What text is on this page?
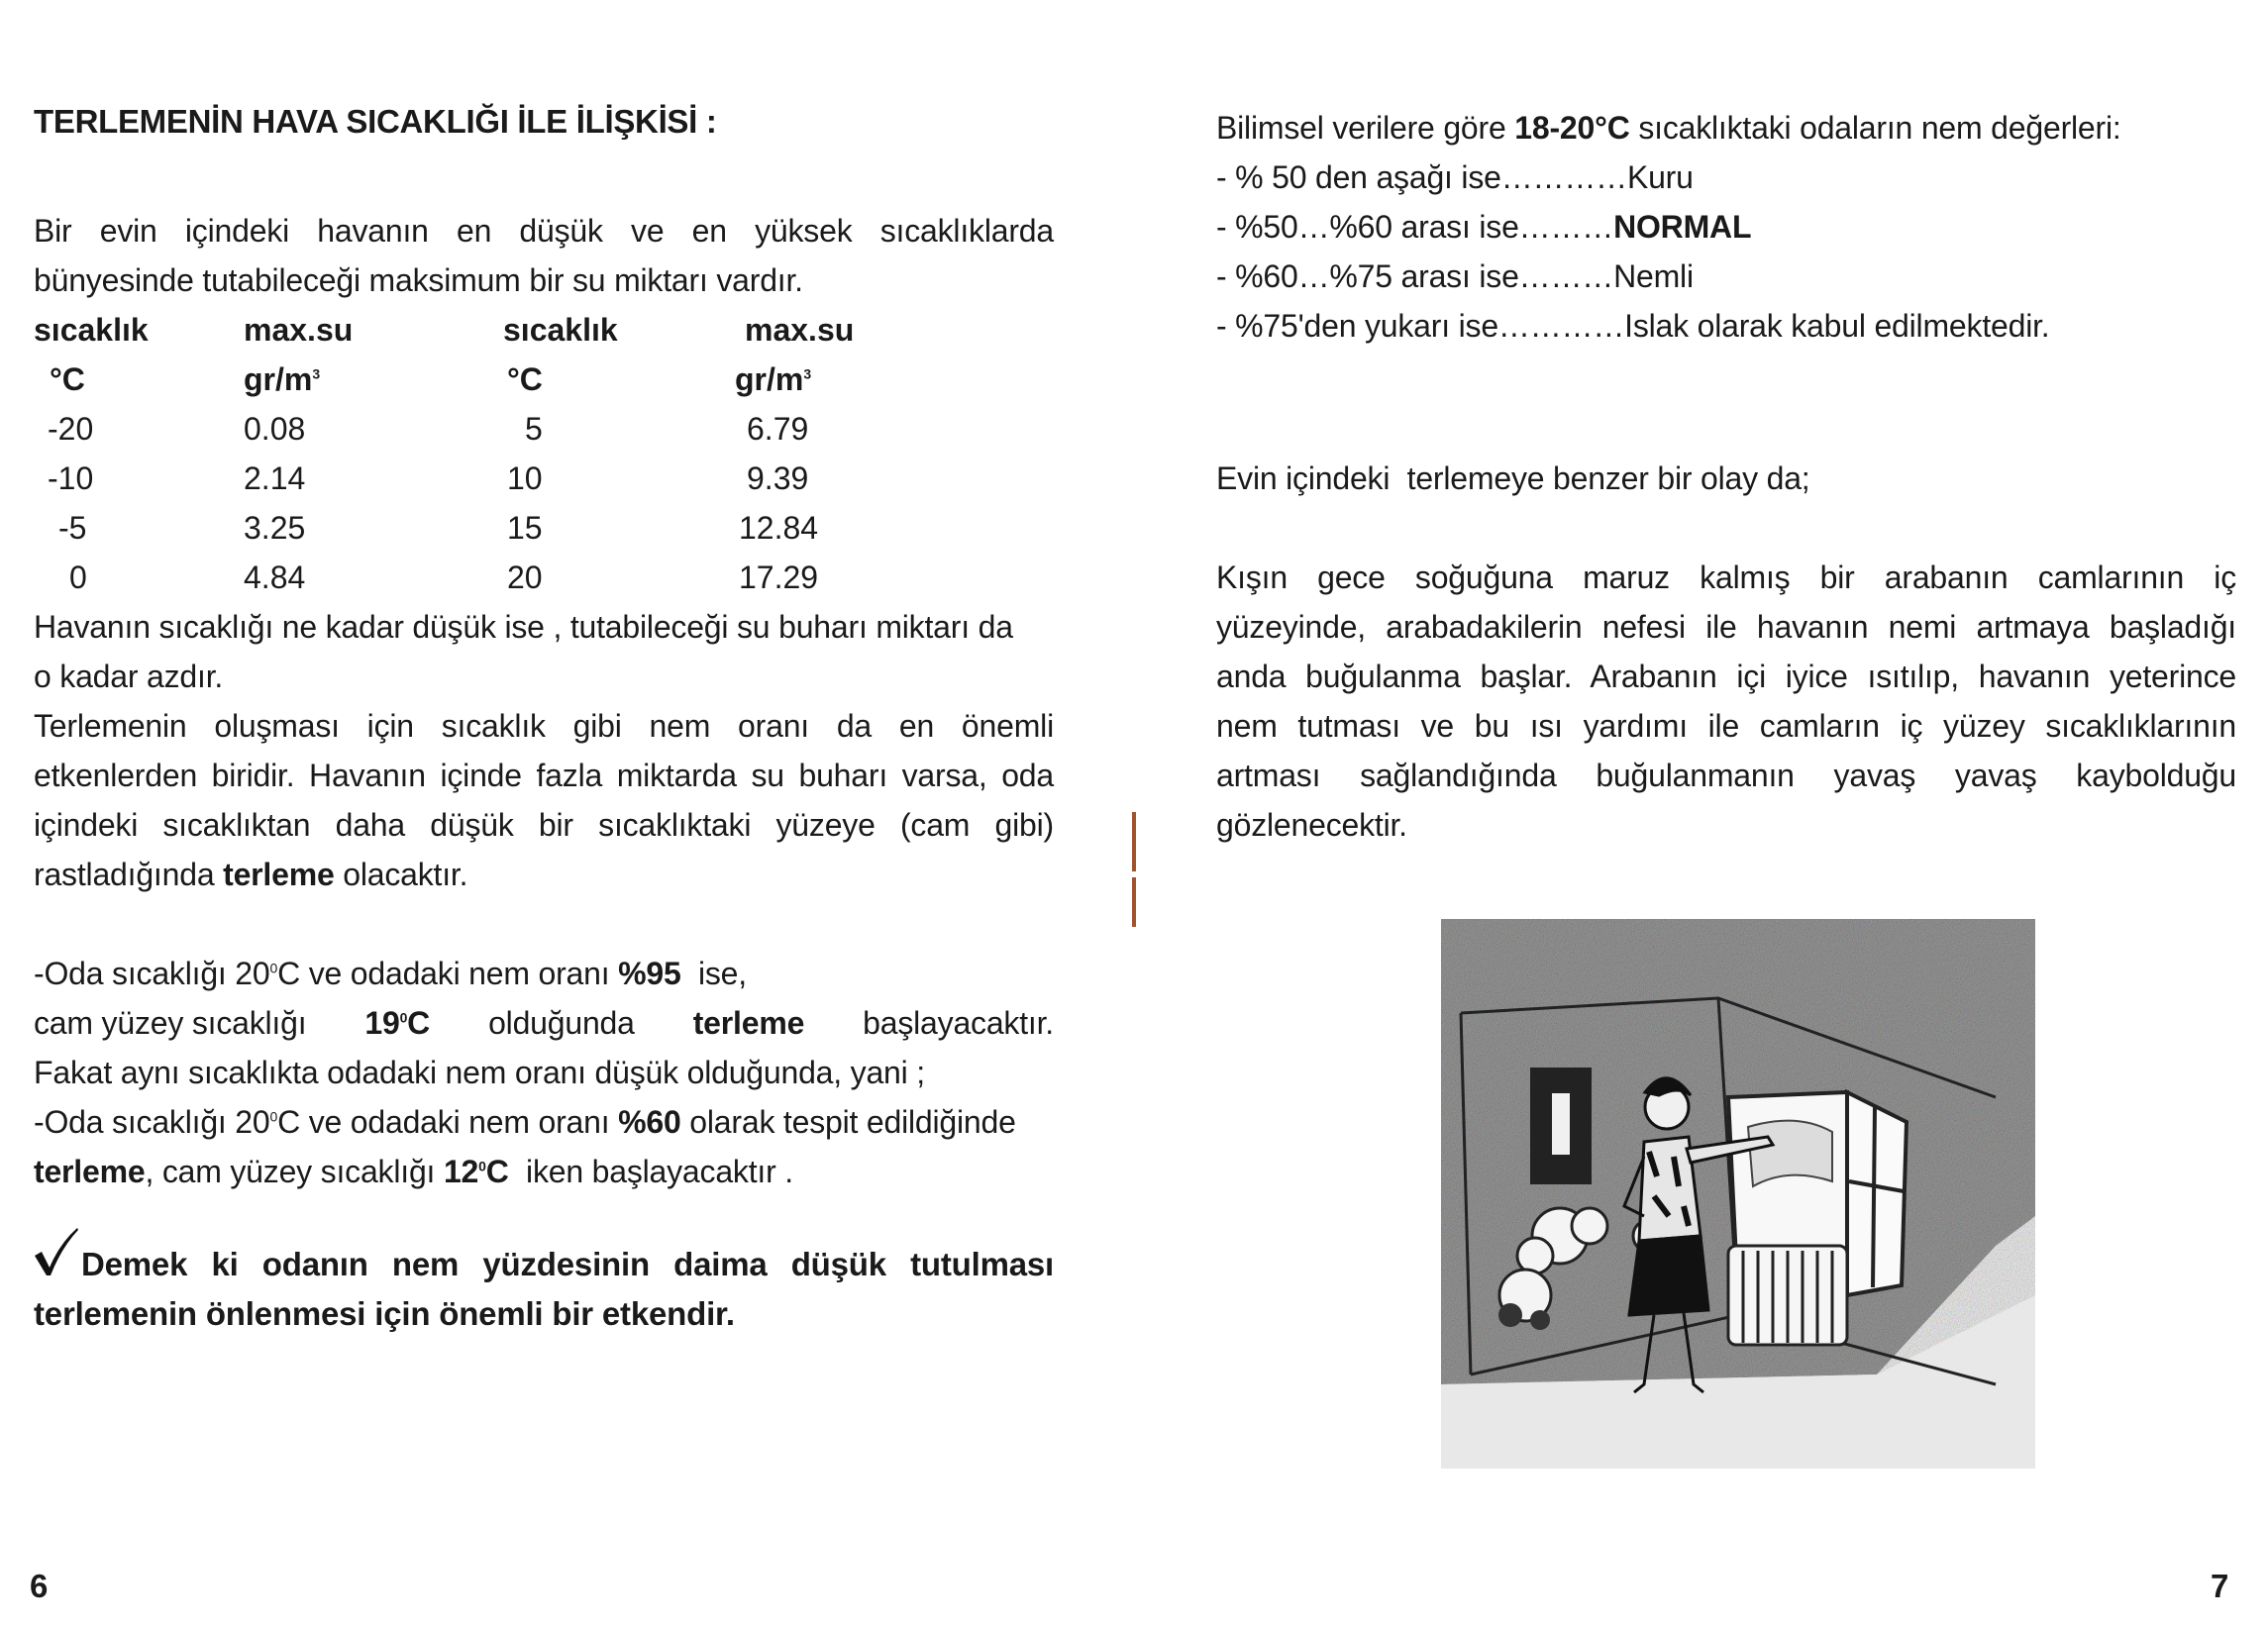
TERLEMENİN HAVA SICAKLIĞI İLE İLİŞKİSİ :
Bir evin içindeki havanın en düşük ve en yüksek sıcaklıklarda
bünyesinde tutabileceği maksimum bir su miktarı vardır.
sıcaklık
°C
-20
-10
-5
0
max.su
$gr/m^3$
0.08
2.14
3.25
4.84
sıcaklık
°C
5
10
15
20
max.su
$gr/m^3$
6.79
9.39
12.84
17.29
Havanın sıcaklığı ne kadar düşük ise , tutabileceği su buharı miktarı da
o kadar azdır.
Terlemenin oluşması için sıcaklık gibi nem oranı da en önemli
etkenlerden biridir. Havanın içinde fazla miktarda su buharı varsa, oda
içindeki sıcaklıktan daha düşük bir sıcaklıktaki yüzeye (cam gibi)
rastladığında terleme olacaktır.
-Oda sıcaklığı $20^0C$ ve odadaki nem oranı %95  ise,
cam yüzey sıcaklığı $19^0C$ olduğunda terleme başlayacaktır.
Fakat aynı sıcaklıkta odadaki nem oranı düşük olduğunda, yani ;
-Oda sıcaklığı $20^0C$ ve odadaki nem oranı %60 olarak tespit edildiğinde
terleme, cam yüzey sıcaklığı $12^0C$  iken başlayacaktır .
Demek ki odanın nem yüzdesinin daima düşük tutulması
terlemenin önlenmesi için önemli bir etkendir.
6
Bilimsel verilere göre 18-20°C sıcaklıktaki odaların nem değerleri:
- % 50 den aşağı ise…………Kuru
- %50…%60 arası ise………NORMAL
- %60…%75 arası ise………Nemli
- %75'den yukarı ise…………Islak olarak kabul edilmektedir.
Evin içindeki  terlemeye benzer bir olay da;
Kışın gece soğuğuna maruz kalmış bir arabanın camlarının iç
yüzeyinde, arabadakilerin nefesi ile havanın nemi artmaya başladığı
anda buğulanma başlar. Arabanın içi iyice ısıtılıp, havanın yeterince
nem tutması ve bu ısı yardımı ile camların iç yüzey sıcaklıklarının
artması sağlandığında buğulanmanın yavaş yavaş kaybolduğu
gözlenecektir.
7
